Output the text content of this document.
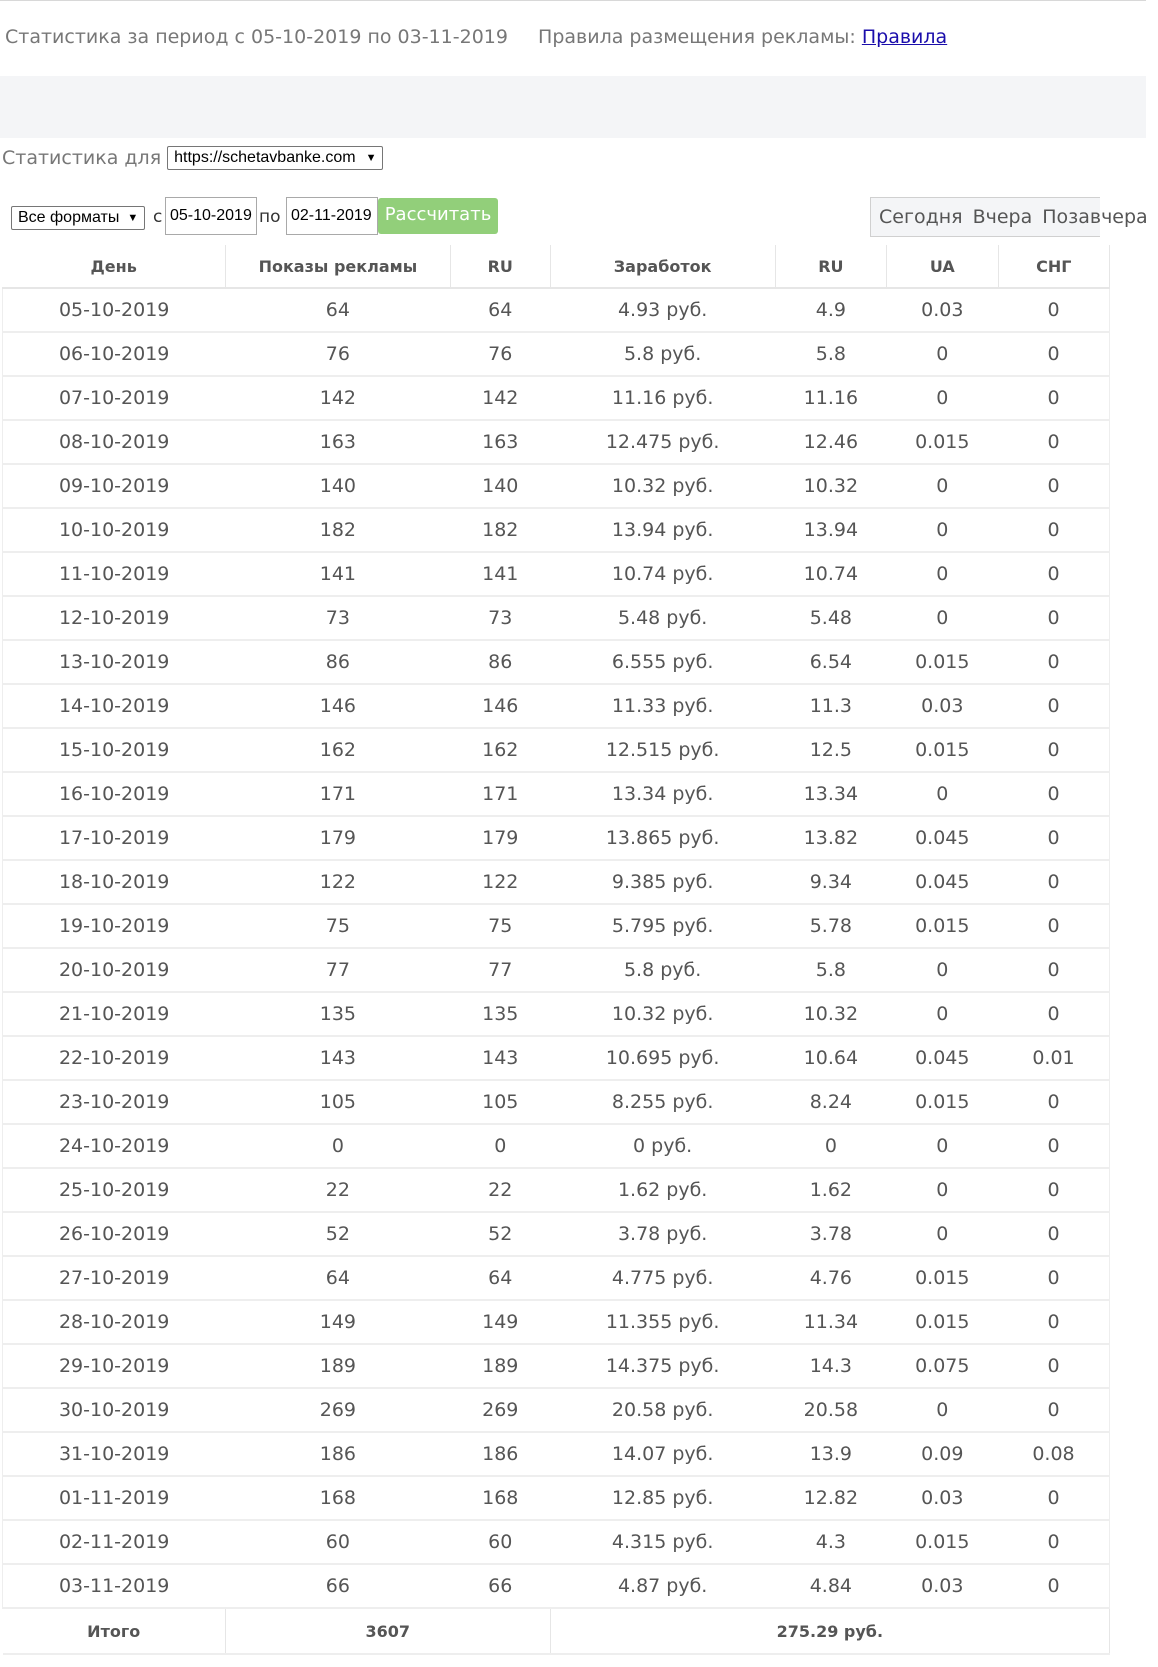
Статистика за период с 05-10-2019 по 03-11-2019 Правила размещения рекламы: Правила
Статистика для https://schetavbanke.com ▼
Все форматы ▼ с 05-10-2019 по 02-11-2019 Рассчитать	Сегодня Вчера Позавчера
День	Показы рекламы	RU	Заработок	RU	UA	СНГ
05-10-2019	64	64	4.93 руб.	4.9	0.03	0
06-10-2019	76	76	5.8 руб.	5.8	0	0
07-10-2019	142	142	11.16 руб.	11.16	0	0
08-10-2019	163	163	12.475 руб.	12.46	0.015	0
09-10-2019	140	140	10.32 руб.	10.32	0	0
10-10-2019	182	182	13.94 руб.	13.94	0	0
11-10-2019	141	141	10.74 руб.	10.74	0	0
12-10-2019	73	73	5.48 руб.	5.48	0	0
13-10-2019	86	86	6.555 руб.	6.54	0.015	0
14-10-2019	146	146	11.33 руб.	11.3	0.03	0
15-10-2019	162	162	12.515 руб.	12.5	0.015	0
16-10-2019	171	171	13.34 руб.	13.34	0	0
17-10-2019	179	179	13.865 руб.	13.82	0.045	0
18-10-2019	122	122	9.385 руб.	9.34	0.045	0
19-10-2019	75	75	5.795 руб.	5.78	0.015	0
20-10-2019	77	77	5.8 руб.	5.8	0	0
21-10-2019	135	135	10.32 руб.	10.32	0	0
22-10-2019	143	143	10.695 руб.	10.64	0.045	0.01
23-10-2019	105	105	8.255 руб.	8.24	0.015	0
24-10-2019	0	0	0 руб.	0	0	0
25-10-2019	22	22	1.62 руб.	1.62	0	0
26-10-2019	52	52	3.78 руб.	3.78	0	0
27-10-2019	64	64	4.775 руб.	4.76	0.015	0
28-10-2019	149	149	11.355 руб.	11.34	0.015	0
29-10-2019	189	189	14.375 руб.	14.3	0.075	0
30-10-2019	269	269	20.58 руб.	20.58	0	0
31-10-2019	186	186	14.07 руб.	13.9	0.09	0.08
01-11-2019	168	168	12.85 руб.	12.82	0.03	0
02-11-2019	60	60	4.315 руб.	4.3	0.015	0
03-11-2019	66	66	4.87 руб.	4.84	0.03	0
Итого	3607		275.29 руб.			
